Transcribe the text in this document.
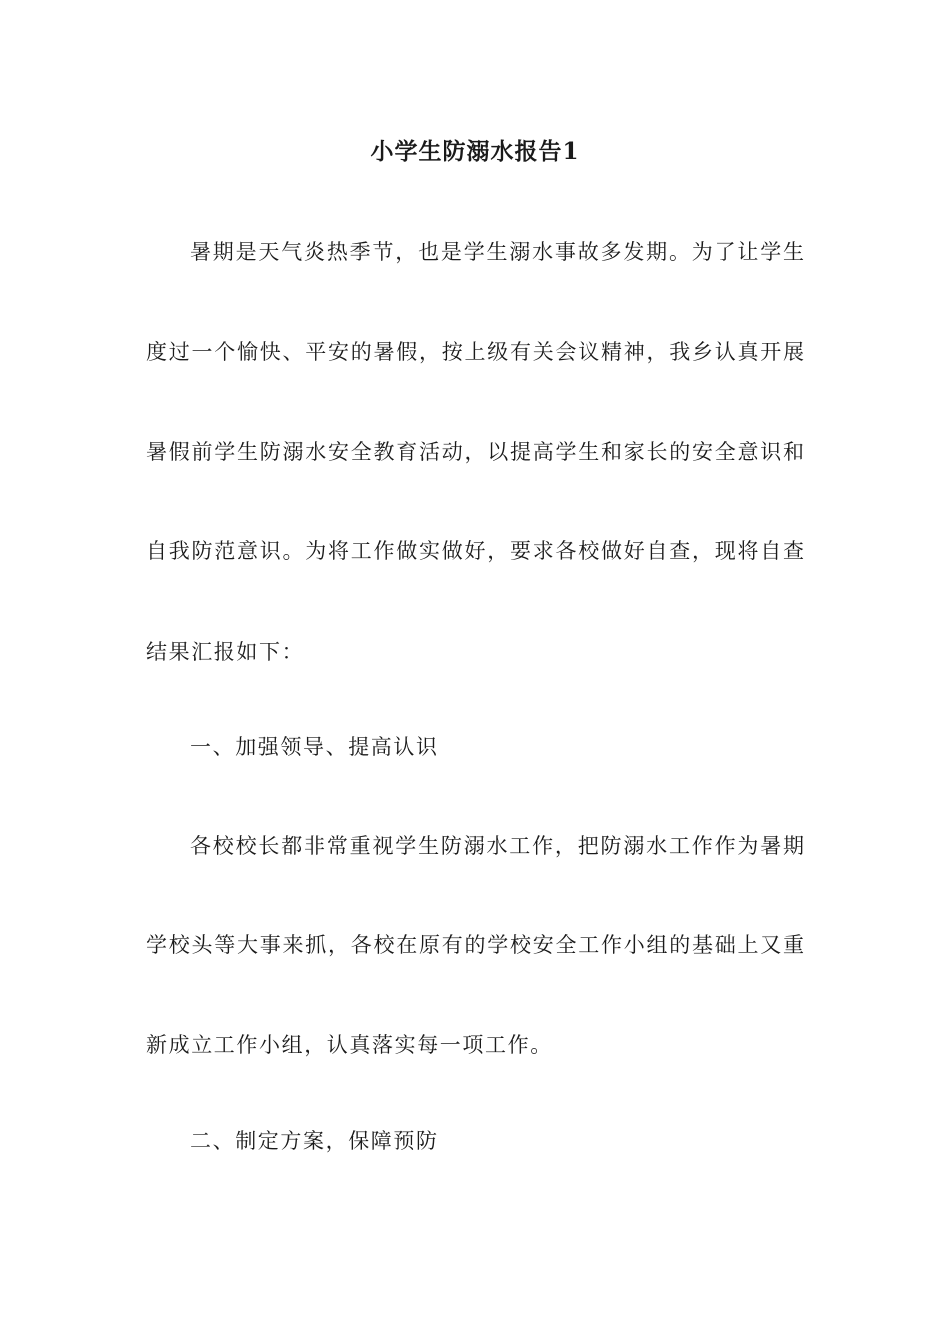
小学生防溺水报告1
暑期是天气炎热季节，也是学生溺水事故多发期。为了让学生
度过一个愉快、平安的暑假，按上级有关会议精神，我乡认真开展
暑假前学生防溺水安全教育活动，以提高学生和家长的安全意识和
自我防范意识。为将工作做实做好，要求各校做好自查，现将自查
结果汇报如下：
一、加强领导、提高认识
各校校长都非常重视学生防溺水工作，把防溺水工作作为暑期
学校头等大事来抓，各校在原有的学校安全工作小组的基础上又重
新成立工作小组，认真落实每一项工作。
二、制定方案，保障预防
